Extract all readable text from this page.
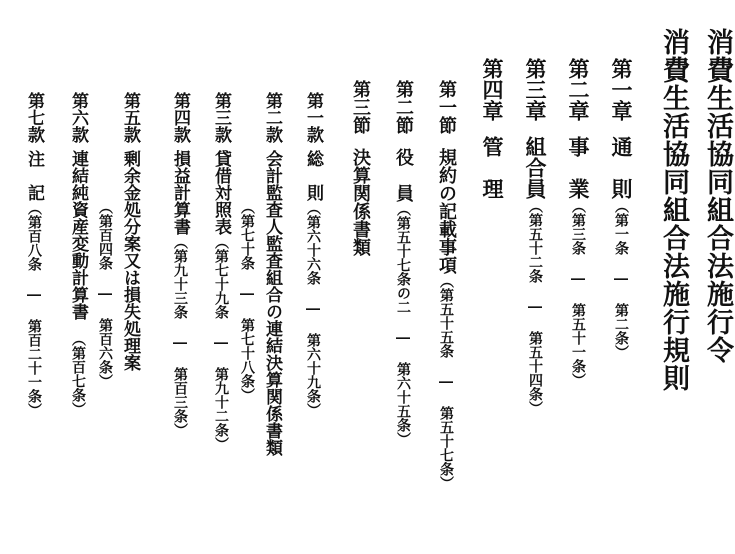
消費生活協同組合法施行令
消費生活協同組合法施行規則
第一章通　則（第一条 ― 第二条）
第二章事　業（第三条 ― 第五十一条）
第三章組合員（第五十二条 ― 第五十四条）
第四章管　理
第一節規約の記載事項（第五十五条 ― 第五十七条）
第二節役　員（第五十七条の二 ― 第六十五条）
第三節決算関係書類
第一款総　則（第六十六条 ― 第六十九条）
第二款会計監査人監査組合の連結決算関係書類
（第七十条 ― 第七十八条）
第三款貸借対照表（第七十九条 ― 第九十二条）
第四款損益計算書（第九十三条 ― 第百三条）
第五款剰余金処分案又は損失処理案
（第百四条 ― 第百六条）
第六款連結純資産変動計算書（第百七条）
第七款注　記（第百八条 ― 第百二十一条）
